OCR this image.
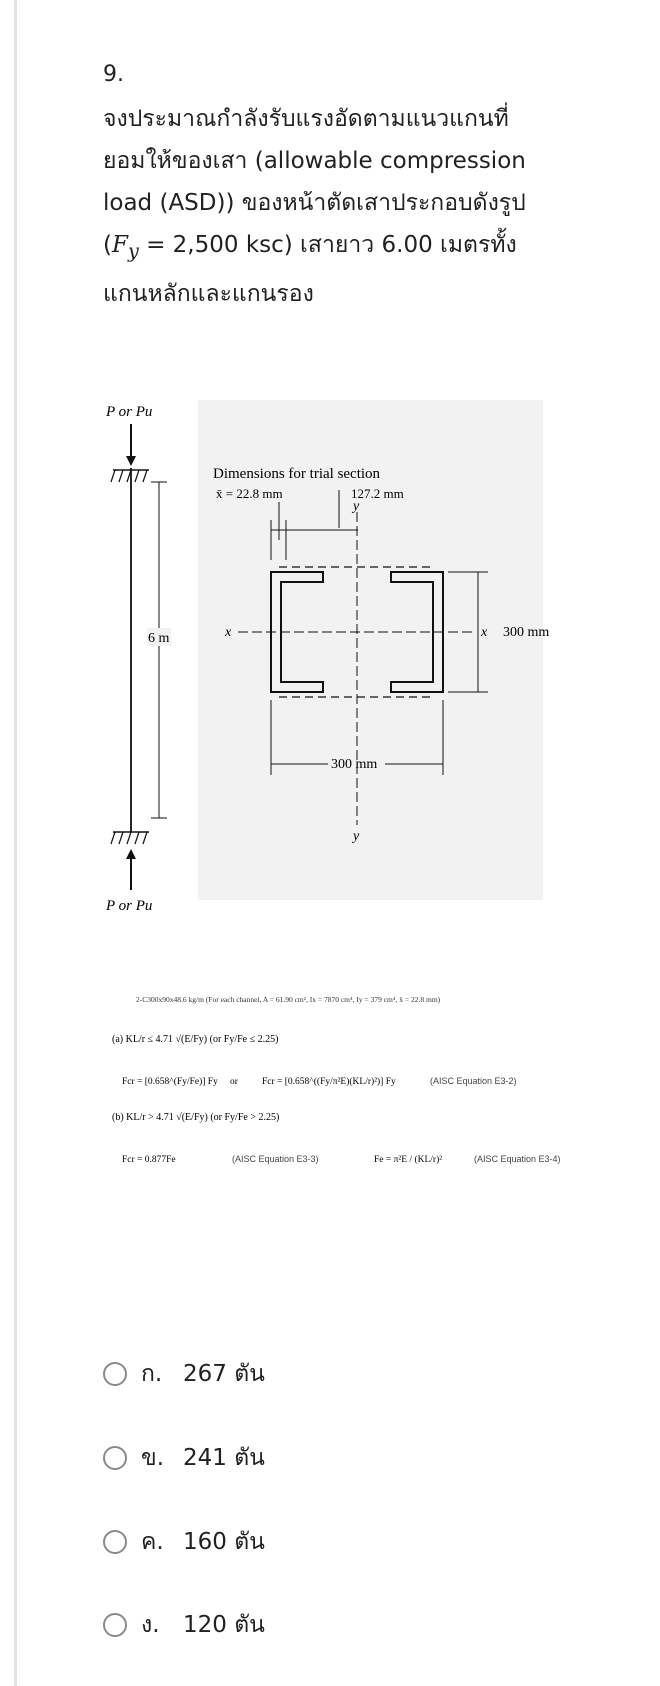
9.
จงประมาณกำลังรับแรงอัดตามแนวแกนที่
ยอมให้ของเสา (allowable compression
load (ASD)) ของหน้าตัดเสาประกอบดังรูป
($F_y = 2,500$ ksc) เสายาว 6.00 เมตรทั้ง
แกนหลักและแกนรอง
P or Pu
6 m
P or Pu
Dimensions for trial section
x̄ = 22.8 mm	127.2 mm
x	x
y
y
300 mm
300 mm
2-C300x90x48.6 kg/m (For each channel, A = 61.90 cm², Ix = 7870 cm⁴, Iy = 379 cm⁴, x̄ = 22.8 mm)
(a) KL/r ≤ 4.71 √(E/Fy) (or Fy/Fe ≤ 2.25)
Fcr = [0.658^(Fy/Fe)] Fy or	Fcr = [0.658^((Fy/π²E)(KL/r)²)] Fy	(AISC Equation E3-2)
(b) KL/r > 4.71 √(E/Fy) (or Fy/Fe > 2.25)
Fcr = 0.877Fe	(AISC Equation E3-3)	Fe = π²E / (KL/r)²	(AISC Equation E3-4)
ก. 267 ตัน
ข. 241 ตัน
ค. 160 ตัน
ง.	120 ตัน
